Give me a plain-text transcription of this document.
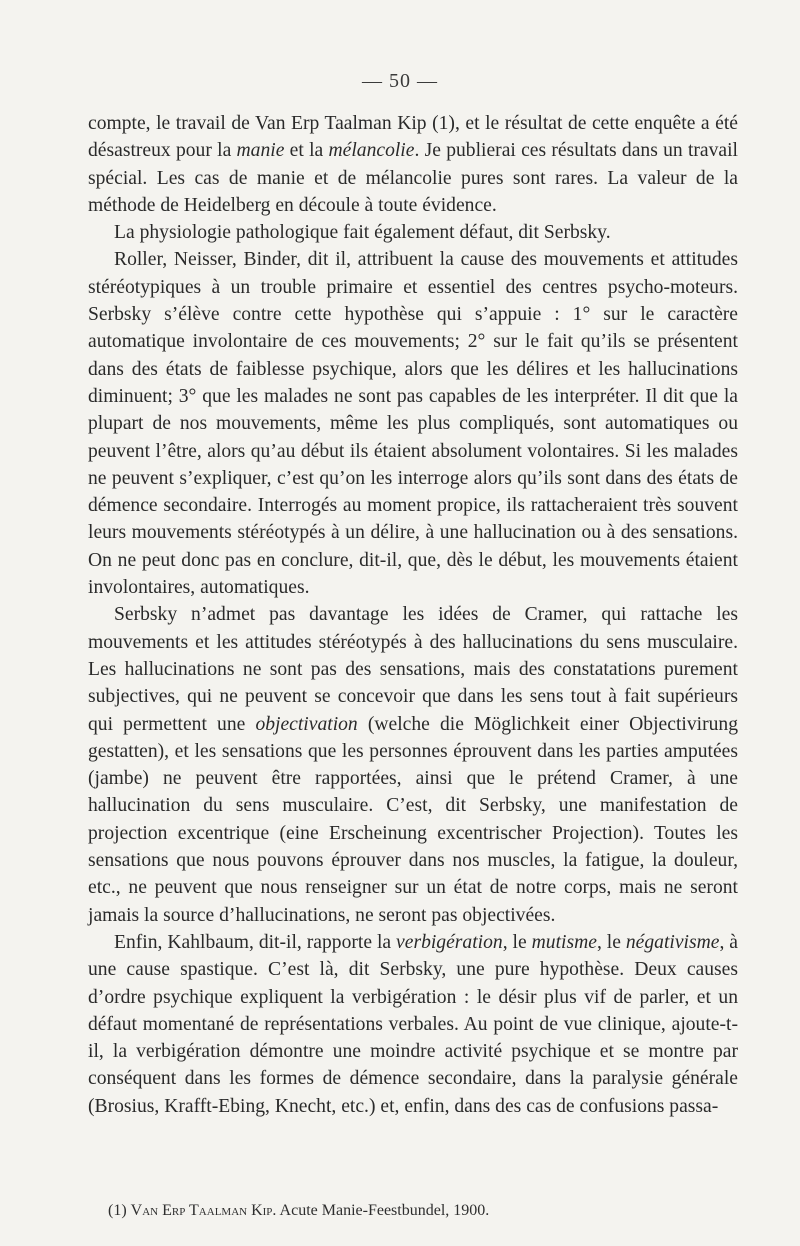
— 50 —

compte, le travail de Van Erp Taalman Kip (1), et le résultat de cette enquête a été désastreux pour la manie et la mélancolie. Je publierai ces résultats dans un travail spécial. Les cas de manie et de mélancolie pures sont rares. La valeur de la méthode de Heidelberg en découle à toute évidence.

La physiologie pathologique fait également défaut, dit Serbsky.

Roller, Neisser, Binder, dit il, attribuent la cause des mouvements et attitudes stéréotypiques à un trouble primaire et essentiel des centres psycho-moteurs. Serbsky s’élève contre cette hypothèse qui s’appuie : 1° sur le caractère automatique involontaire de ces mouvements; 2° sur le fait qu’ils se présentent dans des états de faiblesse psychique, alors que les délires et les hallucinations diminuent; 3° que les malades ne sont pas capables de les interpréter. Il dit que la plupart de nos mouvements, même les plus compliqués, sont automatiques ou peuvent l’être, alors qu’au début ils étaient absolument volontaires. Si les malades ne peuvent s’expliquer, c’est qu’on les interroge alors qu’ils sont dans des états de démence secondaire. Interrogés au moment propice, ils rattacheraient très souvent leurs mouvements stéréotypés à un délire, à une hallucination ou à des sensations. On ne peut donc pas en conclure, dit-il, que, dès le début, les mouvements étaient involontaires, automatiques.

Serbsky n’admet pas davantage les idées de Cramer, qui rattache les mouvements et les attitudes stéréotypés à des hallucinations du sens musculaire. Les hallucinations ne sont pas des sensations, mais des constatations purement subjectives, qui ne peuvent se concevoir que dans les sens tout à fait supérieurs qui permettent une objectivation (welche die Möglichkeit einer Objectivirung gestatten), et les sensations que les personnes éprouvent dans les parties amputées (jambe) ne peuvent être rapportées, ainsi que le prétend Cramer, à une hallucination du sens musculaire. C’est, dit Serbsky, une manifestation de projection excentrique (eine Erscheinung excentrischer Projection). Toutes les sensations que nous pouvons éprouver dans nos muscles, la fatigue, la douleur, etc., ne peuvent que nous renseigner sur un état de notre corps, mais ne seront jamais la source d’hallucinations, ne seront pas objectivées.

Enfin, Kahlbaum, dit-il, rapporte la verbigération, le mutisme, le négativisme, à une cause spastique. C’est là, dit Serbsky, une pure hypothèse. Deux causes d’ordre psychique expliquent la verbigération : le désir plus vif de parler, et un défaut momentané de représentations verbales. Au point de vue clinique, ajoute-t-il, la verbigération démontre une moindre activité psychique et se montre par conséquent dans les formes de démence secondaire, dans la paralysie générale (Brosius, Krafft-Ebing, Knecht, etc.) et, enfin, dans des cas de confusions passa-

(1) Van Erp Taalman Kip. Acute Manie-Feestbundel, 1900.
